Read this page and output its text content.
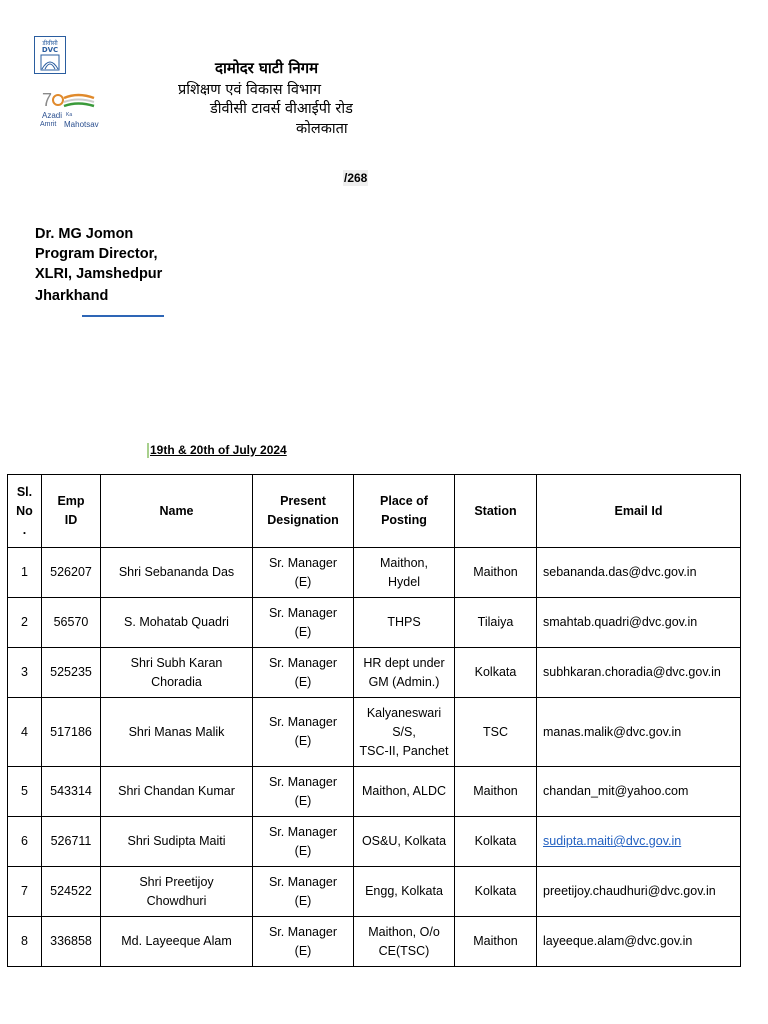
डीवीसी
DVC
7
Azadi Ka
Amrit Mahotsav
दामोदर घाटी निगम
प्रशिक्षण एवं विकास विभाग
डीवीसी टावर्स वीआईपी रोड
कोलकाता
/268
Dr. MG Jomon
Program Director,
XLRI, Jamshedpur
Jharkhand
19th & 20th of July 2024
Sl.
No
.	Emp
ID	Name	Present
Designation	Place of
Posting	Station	Email Id
1	526207	Shri Sebananda Das	Sr. Manager
(E)	Maithon,
Hydel	Maithon	sebananda.das@dvc.gov.in
2	56570	S. Mohatab Quadri	Sr. Manager
(E)	THPS	Tilaiya	smahtab.quadri@dvc.gov.in
3	525235	Shri Subh Karan
Choradia	Sr. Manager
(E)	HR dept under
GM (Admin.)	Kolkata	subhkaran.choradia@dvc.gov.in
4	517186	Shri Manas Malik	Sr. Manager
(E)	Kalyaneswari
S/S,
TSC-II, Panchet	TSC	manas.malik@dvc.gov.in
5	543314	Shri Chandan Kumar	Sr. Manager
(E)	Maithon, ALDC	Maithon	chandan_mit@yahoo.com
6	526711	Shri Sudipta Maiti	Sr. Manager
(E)	OS&U, Kolkata	Kolkata	sudipta.maiti@dvc.gov.in
7	524522	Shri Preetijoy
Chowdhuri	Sr. Manager
(E)	Engg, Kolkata	Kolkata	preetijoy.chaudhuri@dvc.gov.in
8	336858	Md. Layeeque Alam	Sr. Manager
(E)	Maithon, O/o
CE(TSC)	Maithon	layeeque.alam@dvc.gov.in
